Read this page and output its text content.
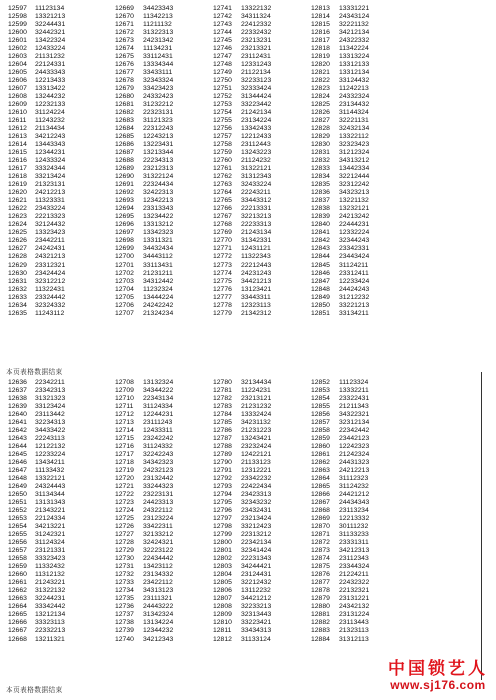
12597	11123134	12669	34423343	12741	13322132	12813	13331221
12598	13321213	12670	11342213	12742	34311324	12814	24343124
12599	32244431	12671	11211132	12743	22412332	12815	32221132
12600	32442321	12672	31322313	12744	22332432	12816	34212134
12601	13422324	12673	24231342	12745	23213231	12817	24322332
12602	12433224	12674	11134231	12746	23213321	12818	11342224
12603	21131232	12675	33112431	12747	23112431	12819	13313224
12604	22124331	12676	13334344	12748	12331243	12820	13312133
12605	24433343	12677	33433111	12749	21122134	12821	13312134
12606	12213433	12678	32343324	12750	32233123	12822	33124432
12607	13313422	12679	33423423	12751	32333424	12823	11242213
12608	13244232	12680	24332423	12752	31344424	12824	24332324
12609	12232133	12681	31232212	12753	33223442	12825	23134432
12610	31124224	12682	22323131	12754	21242134	12826	31144324
12611	11243232	12683	31121323	12755	23134224	12827	32221131
12612	21134434	12684	22312243	12756	13342433	12828	32432134
12613	34212243	12685	12243213	12757	12212433	12829	13322112
12614	13443343	12686	13223431	12758	23112443	12830	32323423
12615	12344231	12687	13213344	12759	13243223	12831	31212324
12616	12433324	12688	22234313	12760	21124232	12832	34313212
12617	33324344	12689	23212313	12761	31322121	12833	13442334
12618	33213424	12690	31322124	12762	31312343	12834	32212444
12619	21323131	12691	22324434	12763	32433224	12835	32312242
12620	24212213	12692	32422313	12764	22243211	12836	34323213
12621	11323331	12693	12342213	12765	33443312	12837	13221132
12622	23433224	12694	23313343	12766	22213331	12838	13232121
12623	22213323	12695	13234422	12767	32213213	12839	24213242
12624	32124432	12696	13313212	12768	22233313	12840	22444231
12625	13323423	12697	13342323	12769	21243134	12841	12332224
12626	23442211	12698	13311321	12770	31342331	12842	32344243
12627	24242431	12699	34432434	12771	12431121	12843	23342331
12628	24321213	12700	34443112	12772	11322343	12844	23443424
12629	23312321	12701	33113431	12773	22212443	12845	31124211
12630	23424424	12702	21231211	12774	24231243	12846	23312411
12631	32312212	12703	34312442	12775	34421213	12847	12233424
12632	11322431	12704	11232324	12776	13123421	12848	24424243
12633	23324442	12705	13444224	12777	33443311	12849	31212232
12634	32324332	12706	24242242	12778	12323113	12850	33221213
12635	11243112	12707	21324234	12779	21342312	12851	33134211
本页表格数据结束
12636	22342211	12708	13132324	12780	32134434	12852	11123324
12637	23342313	12709	34344222	12781	11224231	12853	13332211
12638	31321323	12710	22343134	12782	23213121	12854	23322431
12639	33123424	12711	31124334	12783	21231232	12855	21211343
12640	23113442	12712	12244231	12784	13332424	12856	34322321
12641	32234313	12713	23111243	12785	34231132	12857	32312134
12642	34433422	12714	12433311	12786	21231223	12858	22342442
12643	22243113	12715	23242242	12787	13243421	12859	23442123
12644	12122132	12716	31124332	12788	23232424	12860	12242323
12645	12233224	12717	32242243	12789	12422121	12861	21242324
12646	13434211	12718	34342323	12790	21133123	12862	24431323
12647	11133432	12719	24232123	12791	12312221	12863	24212213
12648	13322121	12720	23132442	12792	23342232	12864	31112323
12649	24324443	12721	33244323	12793	22422434	12865	31124232
12650	31134344	12722	23223131	12794	23423313	12866	24421212
12651	13131343	12723	24423313	12795	32343232	12867	24434343
12652	21343221	12724	24322112	12796	23432431	12868	23113234
12653	22124334	12725	23123224	12797	23213424	12869	12213332
12654	34213221	12726	33422311	12798	33212423	12870	30111232
12655	31242321	12727	32133212	12799	22313212	12871	31133233
12656	31124324	12728	32424321	12800	22342134	12872	23331311
12657	23121331	12729	32223122	12801	32341424	12873	34212313
12658	33323423	12730	22434442	12802	22231343	12874	23112343
12659	11332432	12731	13423112	12803	34244421	12875	23344324
12660	11312132	12732	23134332	12804	23124431	12876	21224211
12661	21243221	12733	23422112	12805	32212432	12877	22432322
12662	31322132	12734	34313123	12806	13112232	12878	22132321
12663	32244231	12735	23111321	12807	34421212	12879	23131221
12664	33342442	12736	24443222	12808	32233213	12880	24342132
12665	13212134	12737	31342324	12809	32313443	12881	23131224
12666	33323113	12738	13134224	12810	33223421	12882	23113443
12667	22332213	12739	12344232	12811	33434313	12883	21323113
12668	13211321	12740	34212343	12812	31133124	12884	31312113
本页表格数据结束
中国锁艺人
www.sj176.com
